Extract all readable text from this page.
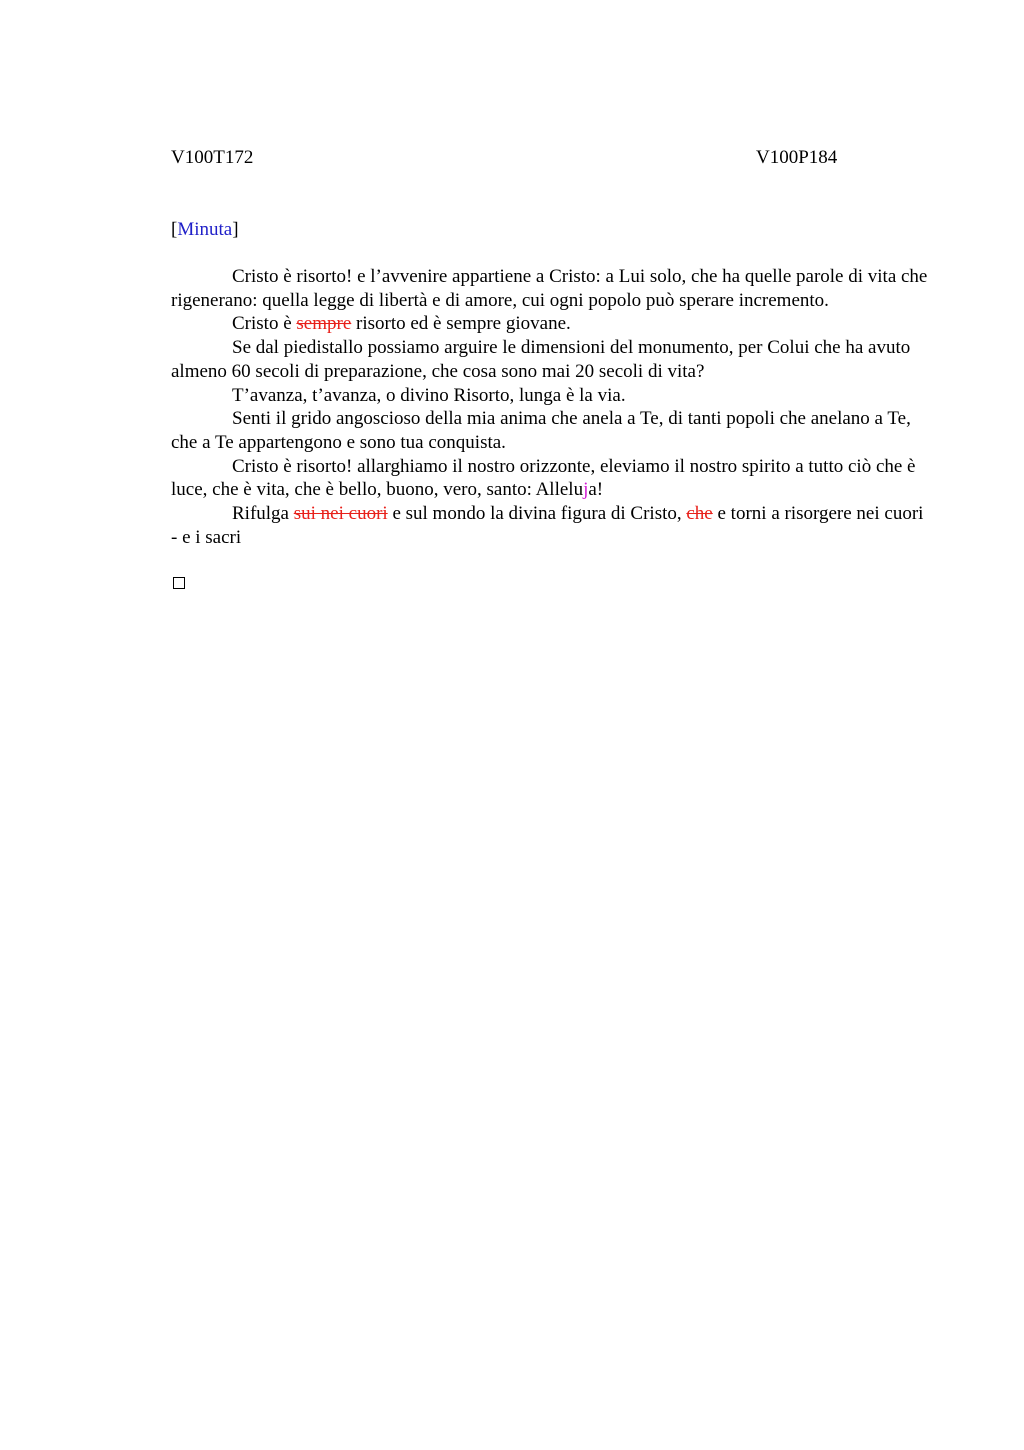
V100T172	V100P184
[Minuta]

Cristo è risorto! e l’avvenire appartiene a Cristo: a Lui solo, che ha quelle parole di vita che rigenerano: quella legge di libertà e di amore, cui ogni popolo può sperare incremento.

Cristo è sempre risorto ed è sempre giovane.

Se dal piedistallo possiamo arguire le dimensioni del monumento, per Colui che ha avuto almeno 60 secoli di preparazione, che cosa sono mai 20 secoli di vita?

T’avanza, t’avanza, o divino Risorto, lunga è la via.

Senti il grido angoscioso della mia anima che anela a Te, di tanti popoli che anelano a Te, che a Te appartengono e sono tua conquista.

Cristo è risorto! allarghiamo il nostro orizzonte, eleviamo il nostro spirito a tutto ciò che è luce, che è vita, che è bello, buono, vero, santo: Alleluja!

Rifulga sui nei cuori e sul mondo la divina figura di Cristo, che e torni a risorgere nei cuori - e i sacri
